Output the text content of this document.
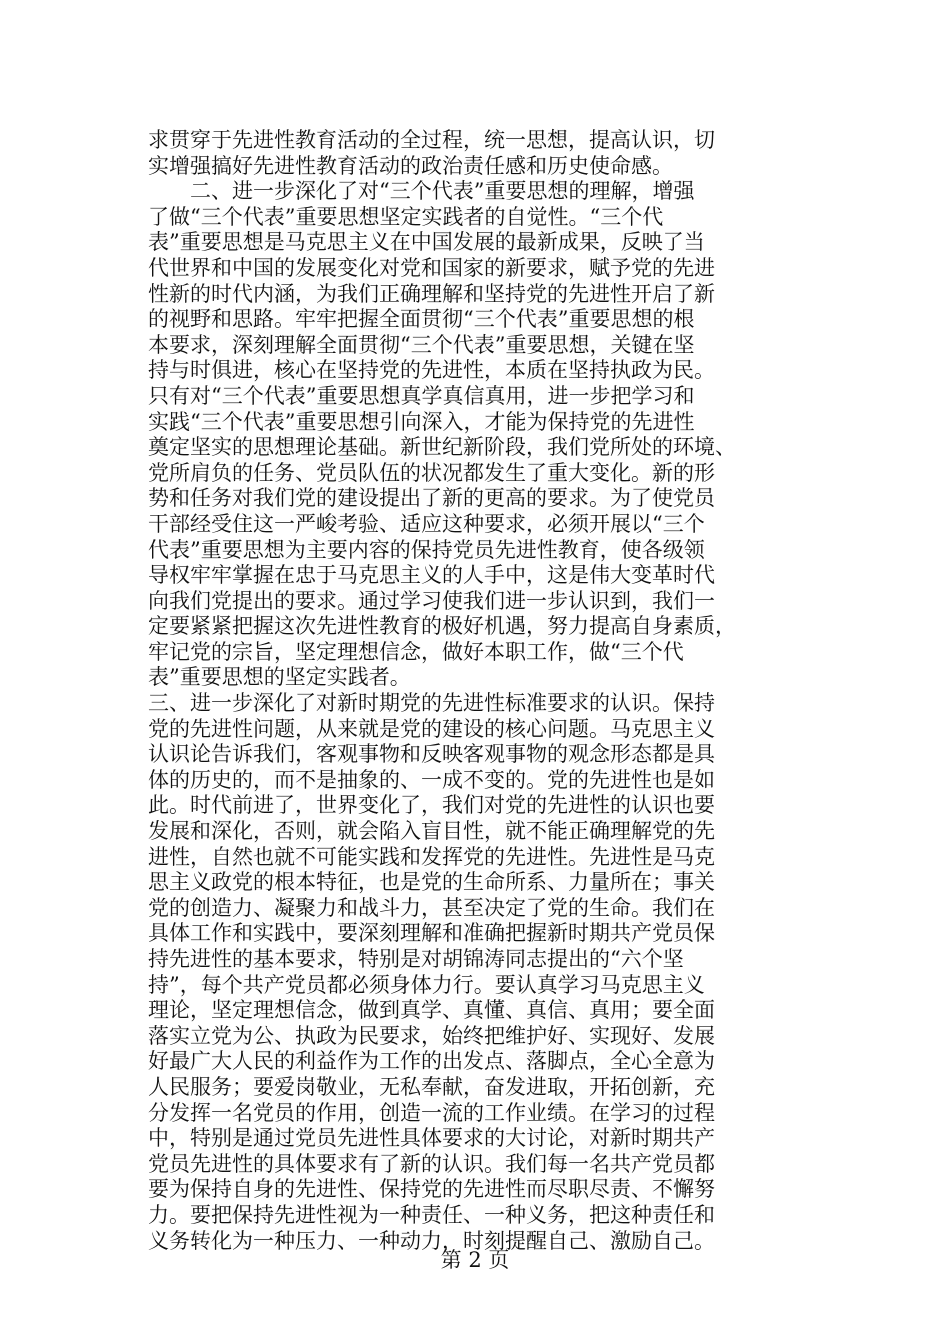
求贯穿于先进性教育活动的全过程，统一思想，提高认识，切
实增强搞好先进性教育活动的政治责任感和历史使命感。
　　二、进一步深化了对“三个代表”重要思想的理解，增强
了做“三个代表”重要思想坚定实践者的自觉性。“三个代
表”重要思想是马克思主义在中国发展的最新成果，反映了当
代世界和中国的发展变化对党和国家的新要求，赋予党的先进
性新的时代内涵，为我们正确理解和坚持党的先进性开启了新
的视野和思路。牢牢把握全面贯彻“三个代表”重要思想的根
本要求，深刻理解全面贯彻“三个代表”重要思想，关键在坚
持与时俱进，核心在坚持党的先进性，本质在坚持执政为民。
只有对“三个代表”重要思想真学真信真用，进一步把学习和
实践“三个代表”重要思想引向深入，才能为保持党的先进性
奠定坚实的思想理论基础。新世纪新阶段，我们党所处的环境、
党所肩负的任务、党员队伍的状况都发生了重大变化。新的形
势和任务对我们党的建设提出了新的更高的要求。为了使党员
干部经受住这一严峻考验、适应这种要求，必须开展以“三个
代表”重要思想为主要内容的保持党员先进性教育，使各级领
导权牢牢掌握在忠于马克思主义的人手中，这是伟大变革时代
向我们党提出的要求。通过学习使我们进一步认识到，我们一
定要紧紧把握这次先进性教育的极好机遇，努力提高自身素质，
牢记党的宗旨，坚定理想信念，做好本职工作，做“三个代
表”重要思想的坚定实践者。
三、进一步深化了对新时期党的先进性标准要求的认识。保持
党的先进性问题，从来就是党的建设的核心问题。马克思主义
认识论告诉我们，客观事物和反映客观事物的观念形态都是具
体的历史的，而不是抽象的、一成不变的。党的先进性也是如
此。时代前进了，世界变化了，我们对党的先进性的认识也要
发展和深化，否则，就会陷入盲目性，就不能正确理解党的先
进性，自然也就不可能实践和发挥党的先进性。先进性是马克
思主义政党的根本特征，也是党的生命所系、力量所在；事关
党的创造力、凝聚力和战斗力，甚至决定了党的生命。我们在
具体工作和实践中，要深刻理解和准确把握新时期共产党员保
持先进性的基本要求，特别是对胡锦涛同志提出的“六个坚
持”，每个共产党员都必须身体力行。要认真学习马克思主义
理论，坚定理想信念，做到真学、真懂、真信、真用；要全面
落实立党为公、执政为民要求，始终把维护好、实现好、发展
好最广大人民的利益作为工作的出发点、落脚点，全心全意为
人民服务；要爱岗敬业，无私奉献，奋发进取，开拓创新，充
分发挥一名党员的作用，创造一流的工作业绩。在学习的过程
中，特别是通过党员先进性具体要求的大讨论，对新时期共产
党员先进性的具体要求有了新的认识。我们每一名共产党员都
要为保持自身的先进性、保持党的先进性而尽职尽责、不懈努
力。要把保持先进性视为一种责任、一种义务，把这种责任和
义务转化为一种压力、一种动力，时刻提醒自己、激励自己。
第 2 页
